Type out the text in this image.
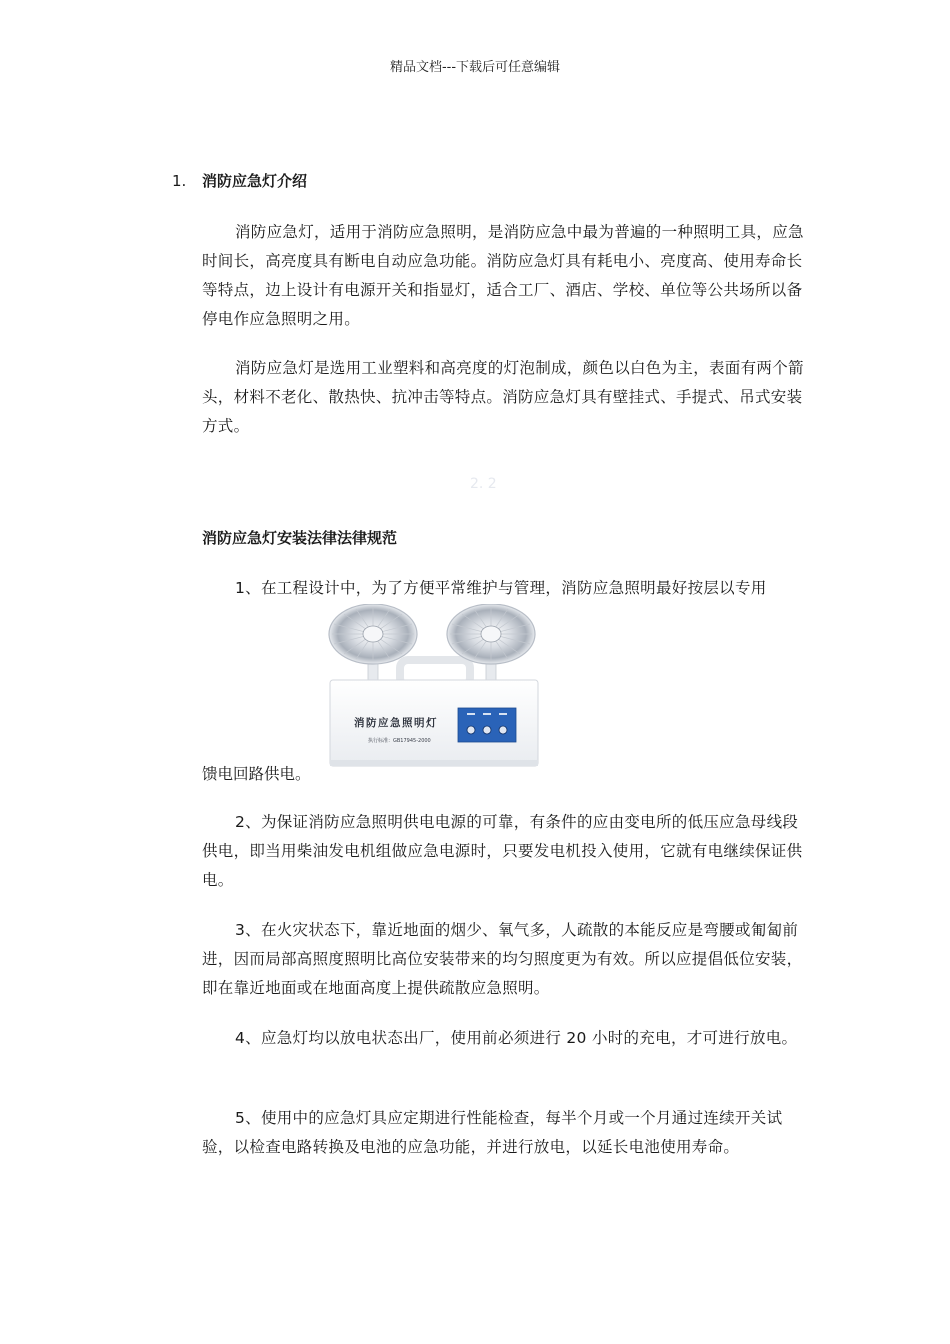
精品文档---下载后可任意编辑
1. 消防应急灯介绍

消防应急灯，适用于消防应急照明，是消防应急中最为普遍的一种照明工具，应急时间长，高亮度具有断电自动应急功能。消防应急灯具有耗电小、亮度高、使用寿命长等特点，边上设计有电源开关和指显灯，适合工厂、酒店、学校、单位等公共场所以备停电作应急照明之用。

消防应急灯是选用工业塑料和高亮度的灯泡制成，颜色以白色为主，表面有两个箭头，材料不老化、散热快、抗冲击等特点。消防应急灯具有壁挂式、手提式、吊式安装方式。

2. 2
消防应急灯安装法律法律规范

1、在工程设计中，为了方便平常维护与管理，消防应急照明最好按层以专用

消防应急照明灯
执行标准：GB17945-2000
馈电回路供电。

2、为保证消防应急照明供电电源的可靠，有条件的应由变电所的低压应急母线段供电，即当用柴油发电机组做应急电源时，只要发电机投入使用，它就有电继续保证供电。

3、在火灾状态下，靠近地面的烟少、氧气多，人疏散的本能反应是弯腰或匍匐前进，因而局部高照度照明比高位安装带来的均匀照度更为有效。所以应提倡低位安装，即在靠近地面或在地面高度上提供疏散应急照明。

4、应急灯均以放电状态出厂，使用前必须进行 20 小时的充电，才可进行放电。

5、使用中的应急灯具应定期进行性能检查，每半个月或一个月通过连续开关试验，以检查电路转换及电池的应急功能，并进行放电，以延长电池使用寿命。
